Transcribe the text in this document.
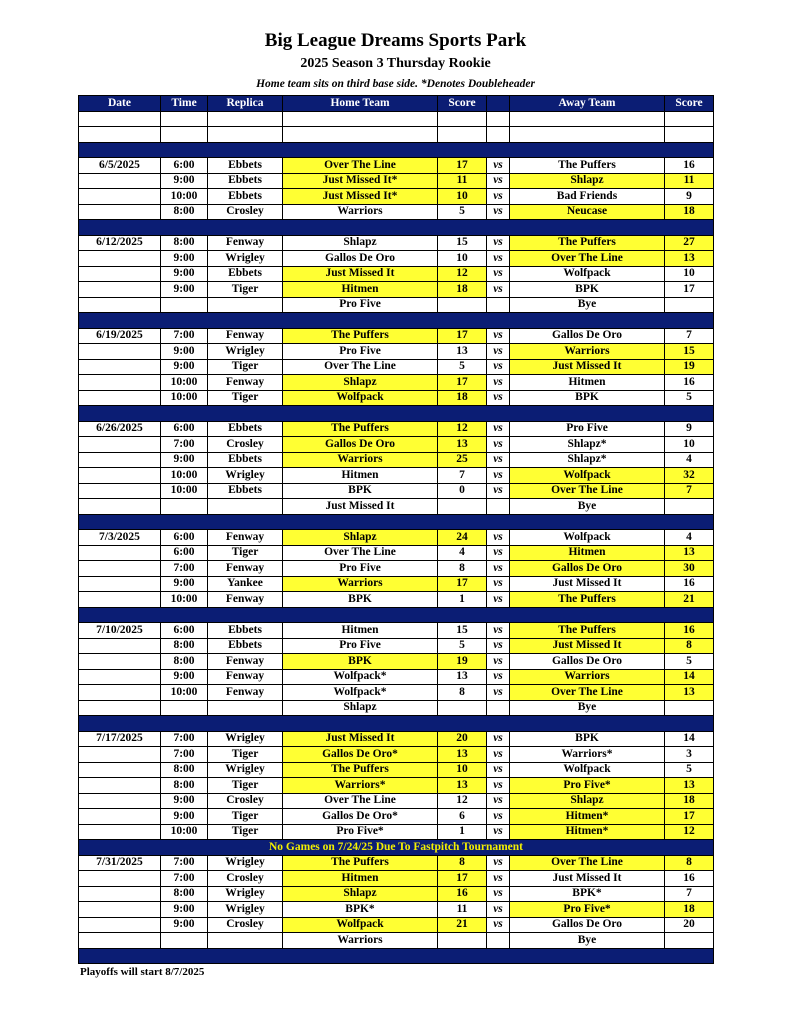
Big League Dreams Sports Park
2025 Season 3 Thursday Rookie
Home team sits on third base side. *Denotes Doubleheader
Date	Time	Replica	Home Team	Score		Away Team	Score

6/5/2025	6:00	Ebbets	Over The Line	17	vs	The Puffers	16
	9:00	Ebbets	Just Missed It*	11	vs	Shlapz	11
	10:00	Ebbets	Just Missed It*	10	vs	Bad Friends	9
	8:00	Crosley	Warriors	5	vs	Neucase	18

6/12/2025	8:00	Fenway	Shlapz	15	vs	The Puffers	27
	9:00	Wrigley	Gallos De Oro	10	vs	Over The Line	13
	9:00	Ebbets	Just Missed It	12	vs	Wolfpack	10
	9:00	Tiger	Hitmen	18	vs	BPK	17
			Pro Five			Bye	

6/19/2025	7:00	Fenway	The Puffers	17	vs	Gallos De Oro	7
	9:00	Wrigley	Pro Five	13	vs	Warriors	15
	9:00	Tiger	Over The Line	5	vs	Just Missed It	19
	10:00	Fenway	Shlapz	17	vs	Hitmen	16
	10:00	Tiger	Wolfpack	18	vs	BPK	5

6/26/2025	6:00	Ebbets	The Puffers	12	vs	Pro Five	9
	7:00	Crosley	Gallos De Oro	13	vs	Shlapz*	10
	9:00	Ebbets	Warriors	25	vs	Shlapz*	4
	10:00	Wrigley	Hitmen	7	vs	Wolfpack	32
	10:00	Ebbets	BPK	0	vs	Over The Line	7
			Just Missed It			Bye	

7/3/2025	6:00	Fenway	Shlapz	24	vs	Wolfpack	4
	6:00	Tiger	Over The Line	4	vs	Hitmen	13
	7:00	Fenway	Pro Five	8	vs	Gallos De Oro	30
	9:00	Yankee	Warriors	17	vs	Just Missed It	16
	10:00	Fenway	BPK	1	vs	The Puffers	21

7/10/2025	6:00	Ebbets	Hitmen	15	vs	The Puffers	16
	8:00	Ebbets	Pro Five	5	vs	Just Missed It	8
	8:00	Fenway	BPK	19	vs	Gallos De Oro	5
	9:00	Fenway	Wolfpack*	13	vs	Warriors	14
	10:00	Fenway	Wolfpack*	8	vs	Over The Line	13
			Shlapz			Bye	

7/17/2025	7:00	Wrigley	Just Missed It	20	vs	BPK	14
	7:00	Tiger	Gallos De Oro*	13	vs	Warriors*	3
	8:00	Wrigley	The Puffers	10	vs	Wolfpack	5
	8:00	Tiger	Warriors*	13	vs	Pro Five*	13
	9:00	Crosley	Over The Line	12	vs	Shlapz	18
	9:00	Tiger	Gallos De Oro*	6	vs	Hitmen*	17
	10:00	Tiger	Pro Five*	1	vs	Hitmen*	12
No Games on 7/24/25 Due To Fastpitch Tournament							
7/31/2025	7:00	Wrigley	The Puffers	8	vs	Over The Line	8
	7:00	Crosley	Hitmen	17	vs	Just Missed It	16
	8:00	Wrigley	Shlapz	16	vs	BPK*	7
	9:00	Wrigley	BPK*	11	vs	Pro Five*	18
	9:00	Crosley	Wolfpack	21	vs	Gallos De Oro	20
			Warriors			Bye	

Playoffs will start 8/7/2025
